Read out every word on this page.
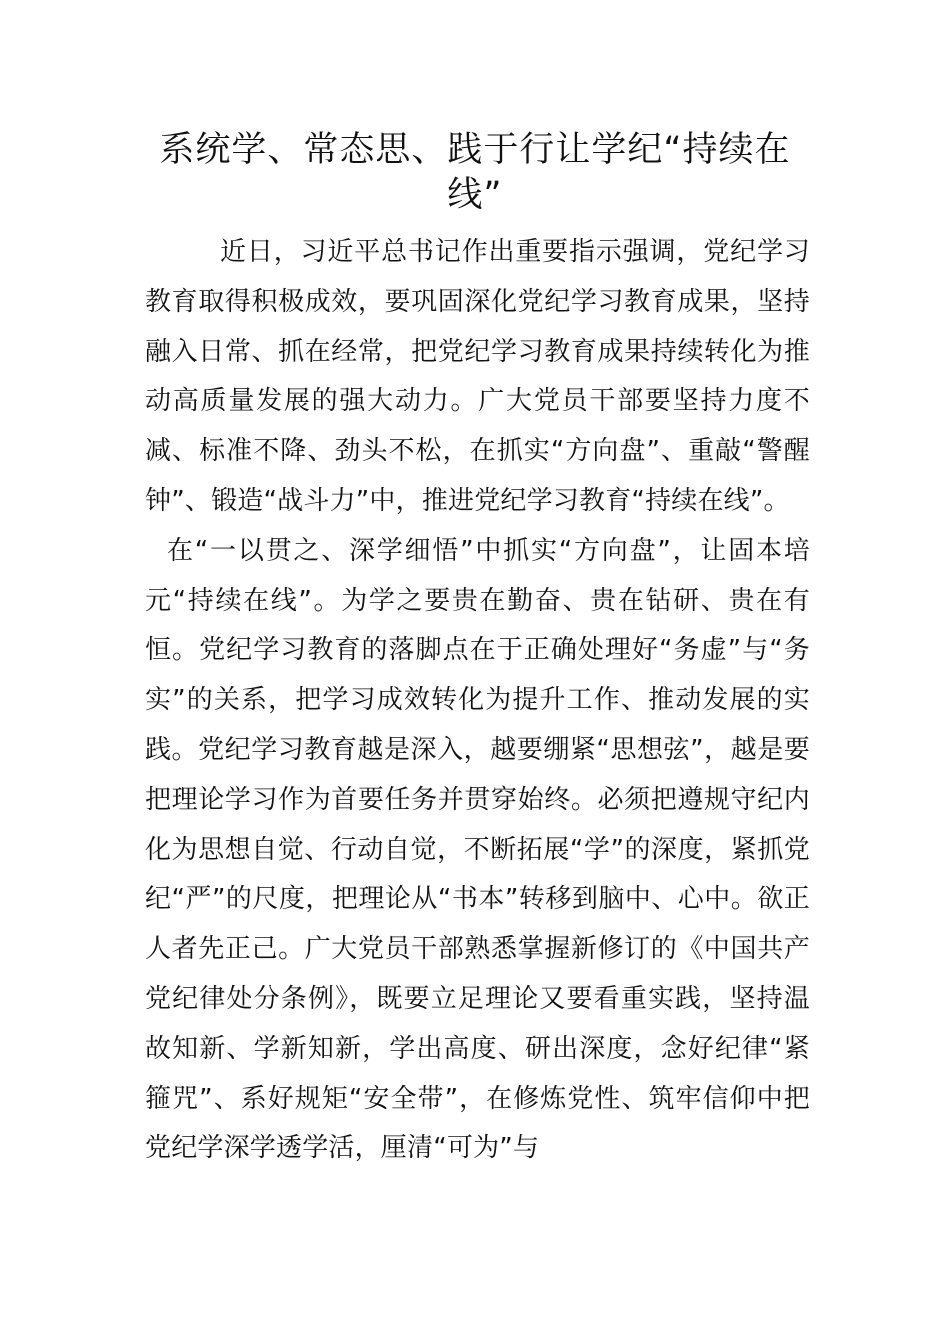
系统学、常态思、践于行让学纪“持续在线”

近日，习近平总书记作出重要指示强调，党纪学习教育取得积极成效，要巩固深化党纪学习教育成果，坚持融入日常、抓在经常，把党纪学习教育成果持续转化为推动高质量发展的强大动力。广大党员干部要坚持力度不减、标准不降、劲头不松，在抓实“方向盘”、重敲“警醒钟”、锻造“战斗力”中，推进党纪学习教育“持续在线”。

在“一以贯之、深学细悟”中抓实“方向盘”，让固本培元“持续在线”。为学之要贵在勤奋、贵在钻研、贵在有恒。党纪学习教育的落脚点在于正确处理好“务虚”与“务实”的关系，把学习成效转化为提升工作、推动发展的实践。党纪学习教育越是深入，越要绷紧“思想弦”，越是要把理论学习作为首要任务并贯穿始终。必须把遵规守纪内化为思想自觉、行动自觉，不断拓展“学”的深度，紧抓党纪“严”的尺度，把理论从“书本”转移到脑中、心中。欲正人者先正己。广大党员干部熟悉掌握新修订的《中国共产党纪律处分条例》，既要立足理论又要看重实践，坚持温故知新、学新知新，学出高度、研出深度，念好纪律“紧箍咒”、系好规矩“安全带”，在修炼党性、筑牢信仰中把党纪学深学透学活，厘清“可为”与
